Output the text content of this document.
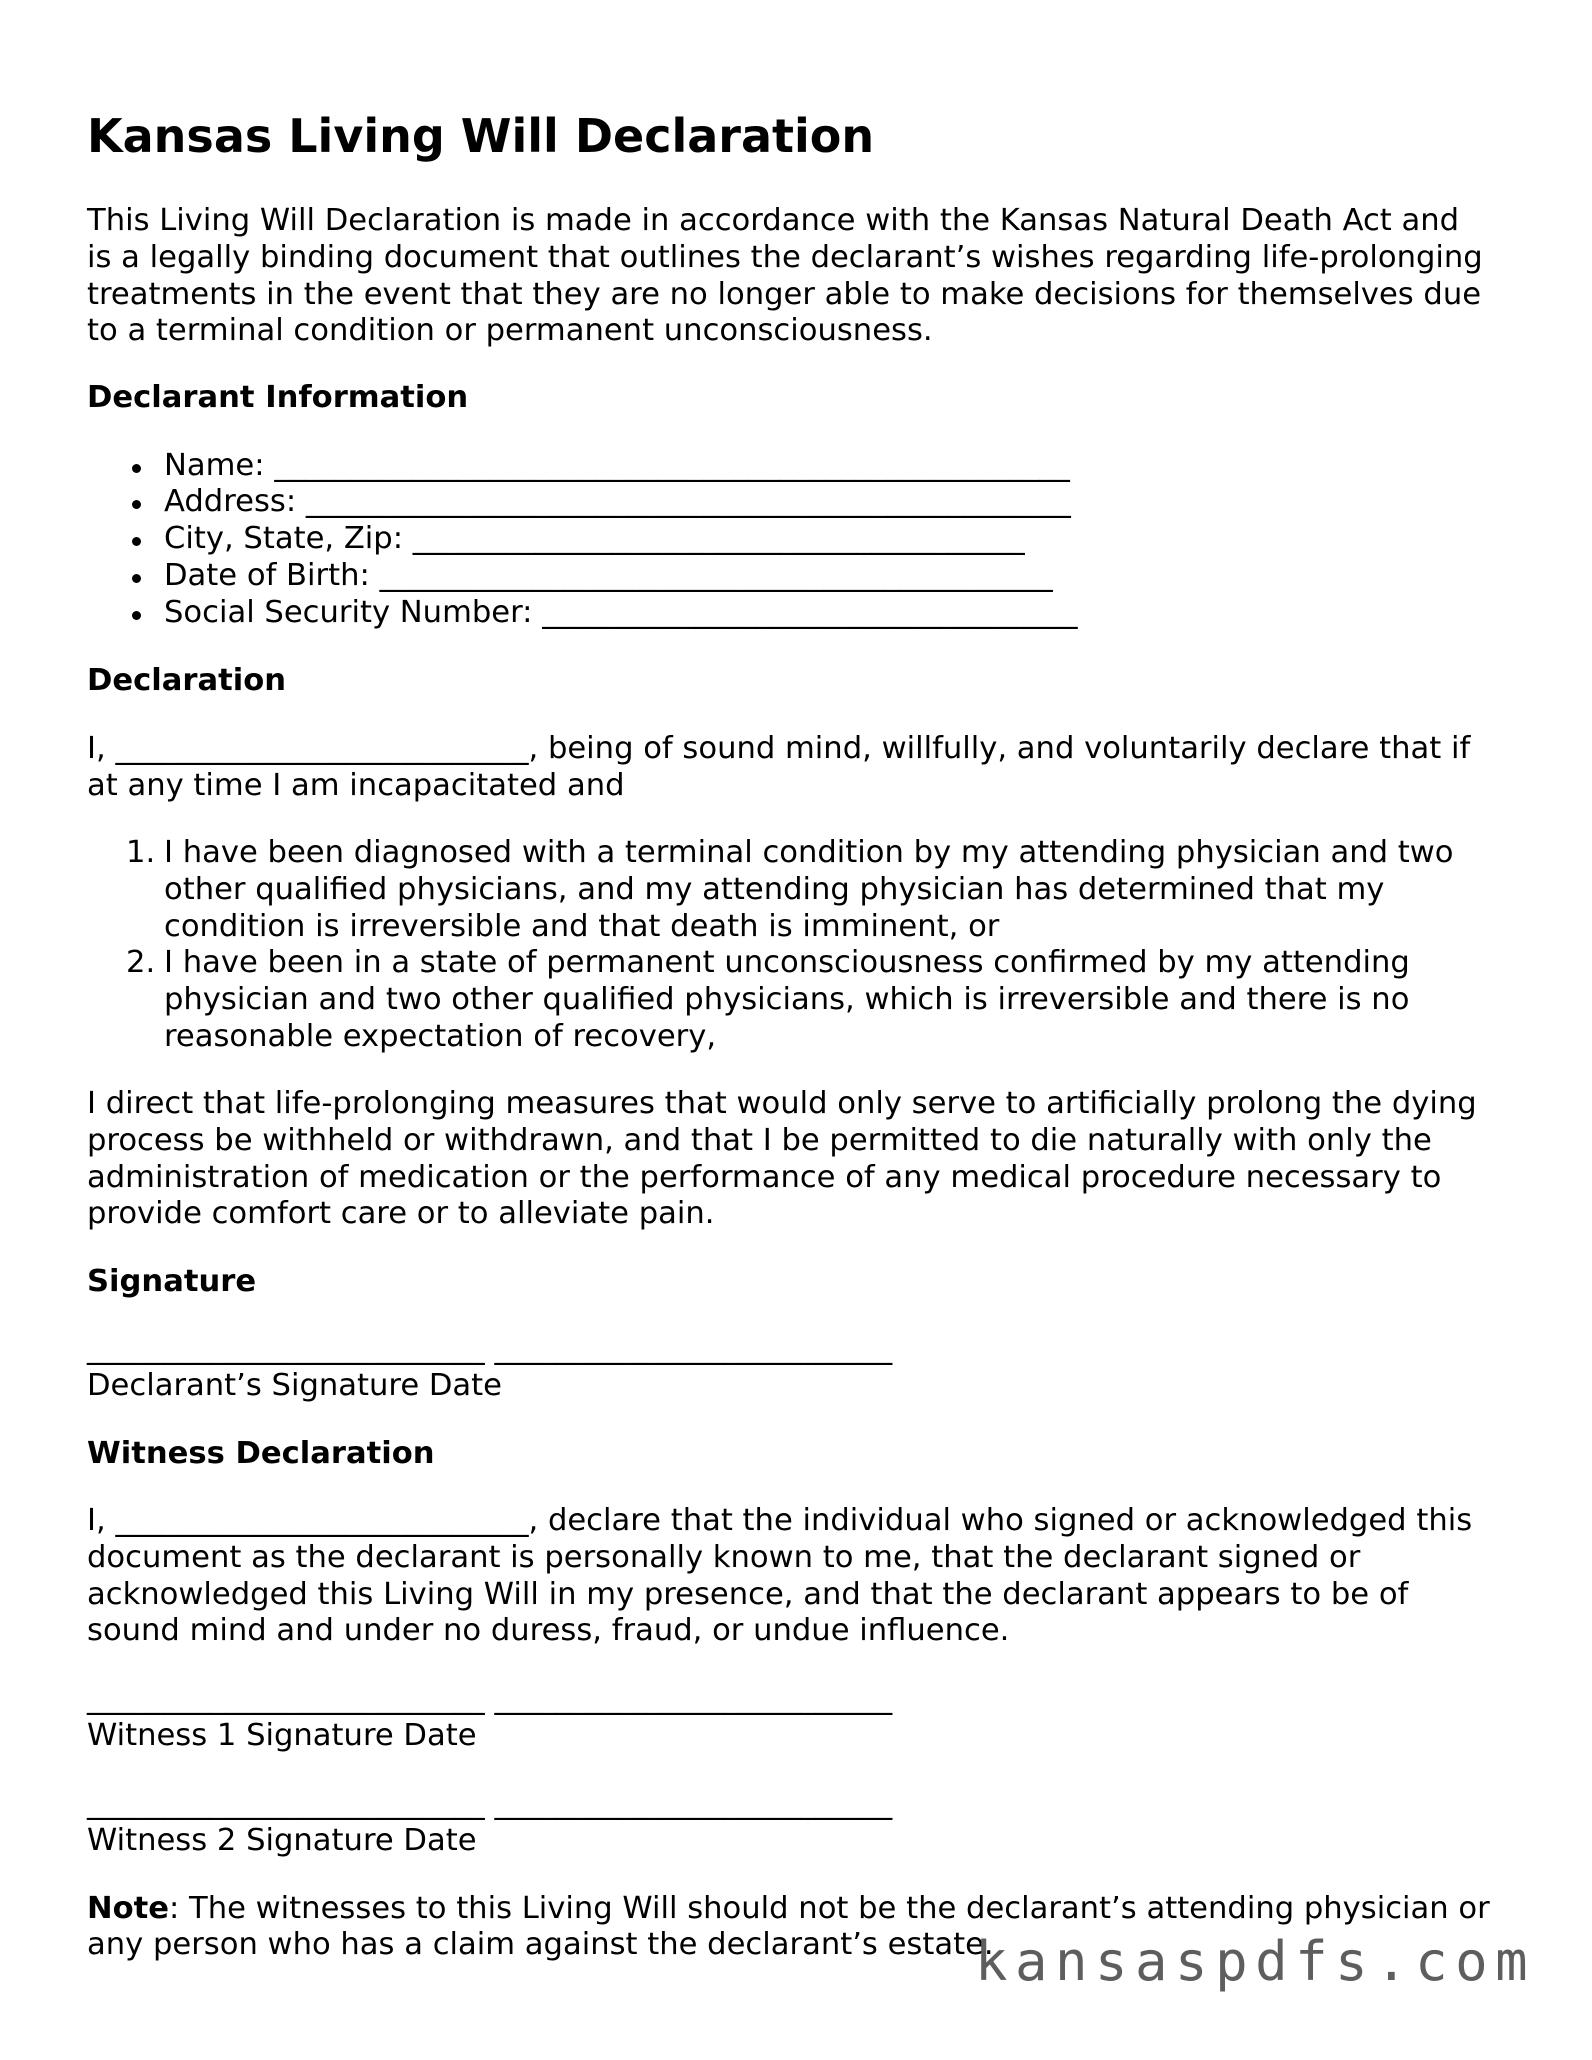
Kansas Living Will Declaration
This Living Will Declaration is made in accordance with the Kansas Natural Death Act and
is a legally binding document that outlines the declarant’s wishes regarding life-prolonging
treatments in the event that they are no longer able to make decisions for themselves due
to a terminal condition or permanent unconsciousness.
Declarant Information
Name: ____________________________________________________
Address: __________________________________________________
City, State, Zip: ________________________________________
Date of Birth: ____________________________________________
Social Security Number: ___________________________________
Declaration
I, ___________________________, being of sound mind, willfully, and voluntarily declare that if
at any time I am incapacitated and
1. I have been diagnosed with a terminal condition by my attending physician and two
other qualified physicians, and my attending physician has determined that my
condition is irreversible and that death is imminent, or
2. I have been in a state of permanent unconsciousness confirmed by my attending
physician and two other qualified physicians, which is irreversible and there is no
reasonable expectation of recovery,
I direct that life-prolonging measures that would only serve to artificially prolong the dying
process be withheld or withdrawn, and that I be permitted to die naturally with only the
administration of medication or the performance of any medical procedure necessary to
provide comfort care or to alleviate pain.
Signature
__________________________ __________________________
Declarant’s Signature Date
Witness Declaration
I, ___________________________, declare that the individual who signed or acknowledged this
document as the declarant is personally known to me, that the declarant signed or
acknowledged this Living Will in my presence, and that the declarant appears to be of
sound mind and under no duress, fraud, or undue influence.
__________________________ __________________________
Witness 1 Signature Date
__________________________ __________________________
Witness 2 Signature Date
Note: The witnesses to this Living Will should not be the declarant’s attending physician or
any person who has a claim against the declarant’s estate.
kansaspdfs.com
